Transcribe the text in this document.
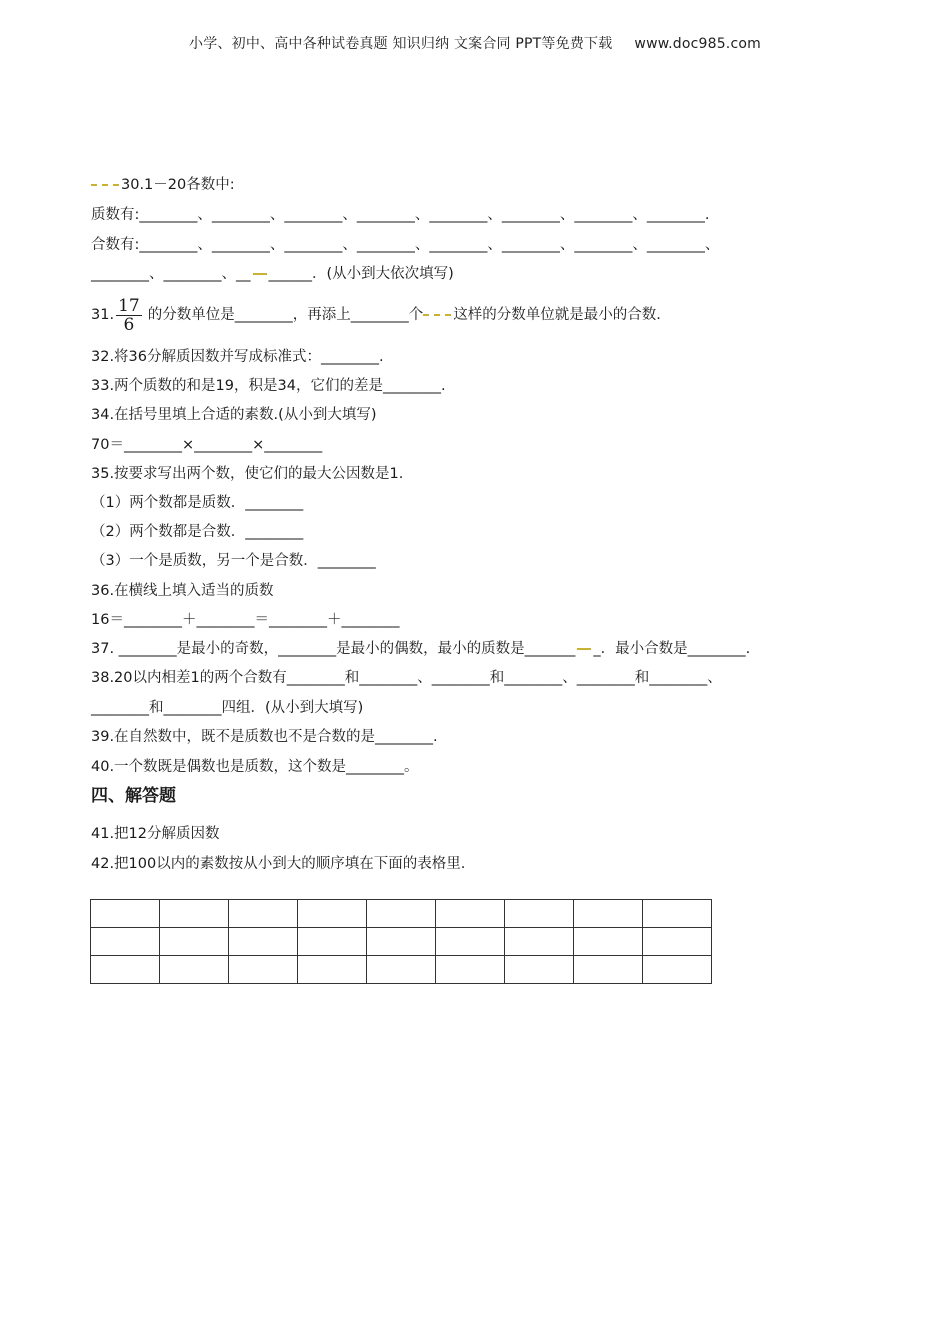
小学、初中、高中各种试卷真题 知识归纳 文案合同 PPT等免费下载 www.doc985.com
30.1－20各数中:
质数有:________、________、________、________、________、________、________、________.
合数有:________、________、________、________、________、________、________、________、
________、________、__ ______．(从小到大依次填写)
31. $\frac{17}{6}$ 的分数单位是________，再添上________个 这样的分数单位就是最小的合数.
32.将36分解质因数并写成标准式：________.
33.两个质数的和是19，积是34，它们的差是________.
34.在括号里填上合适的素数.(从小到大填写)
70＝________×________×________
35.按要求写出两个数，使它们的最大公因数是1.
（1）两个数都是质数．________
（2）两个数都是合数．________
（3）一个是质数，另一个是合数．________
36.在横线上填入适当的质数
16＝________＋________＝________＋________
37. ________是最小的奇数，________是最小的偶数，最小的质数是_______ _．最小合数是________.
38.20以内相差1的两个合数有________和________、________和________、________和________、
________和________四组．(从小到大填写)
39.在自然数中，既不是质数也不是合数的是________.
40.一个数既是偶数也是质数，这个数是________。
四、解答题
41.把12分解质因数
42.把100以内的素数按从小到大的顺序填在下面的表格里.
